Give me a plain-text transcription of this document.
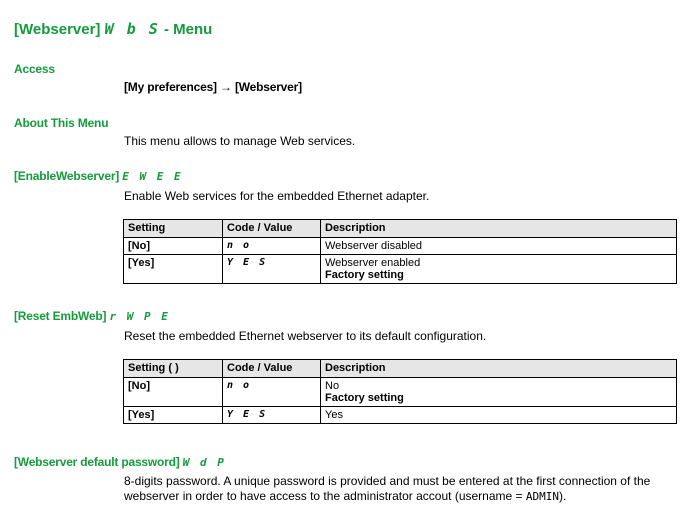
[Webserver] W b S - Menu
Access
[My preferences] → [Webserver]
About This Menu
This menu allows to manage Web services.
[EnableWebserver] E W E E
Enable Web services for the embedded Ethernet adapter.
Setting	Code / Value	Description
[No]	n o	Webserver disabled
[Yes]	Y E S	Webserver enabled
Factory setting
[Reset EmbWeb] r W P E
Reset the embedded Ethernet webserver to its default configuration.
Setting ( )	Code / Value	Description
[No]	n o	No
Factory setting

[Yes]	Y E S	Yes
[Webserver default password] W d P
8-digits password. A unique password is provided and must be entered at the first connection of the webserver in order to have access to the administrator accout (username = ADMIN).
